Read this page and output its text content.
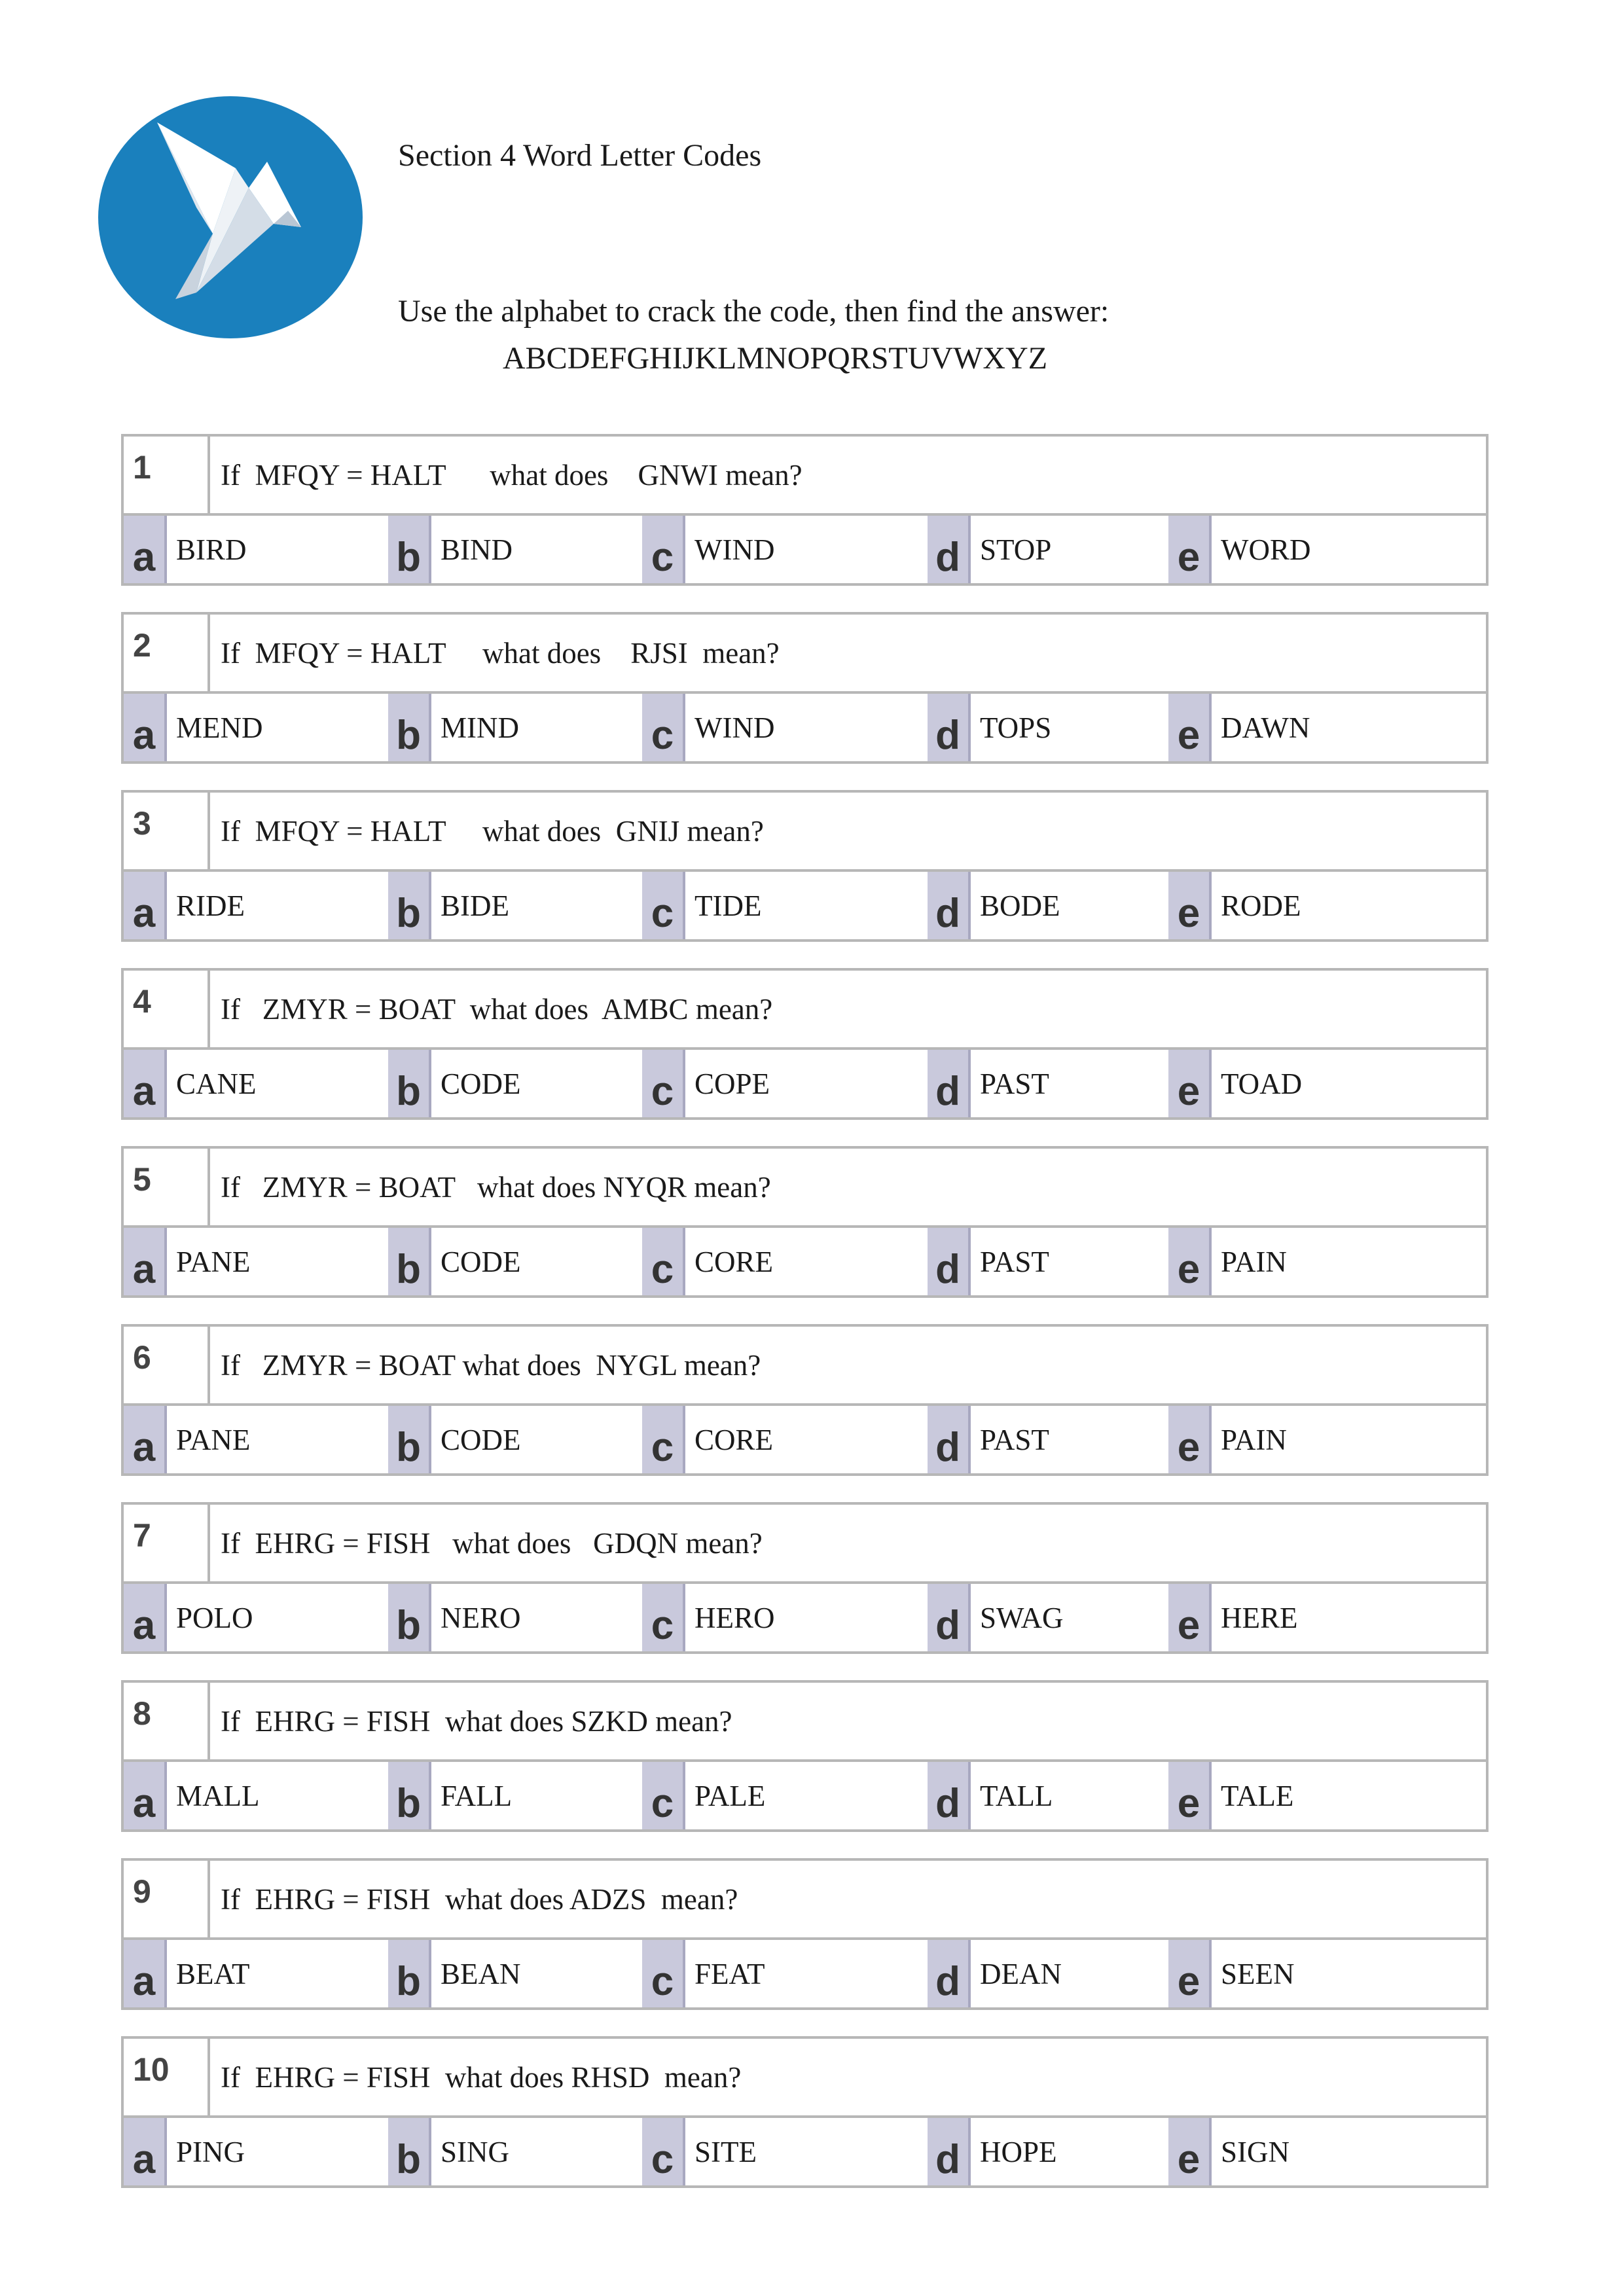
Section 4 Word Letter Codes
Use the alphabet to crack the code, then find the answer:
ABCDEFGHIJKLMNOPQRSTUVWXYZ
1	If  MFQY = HALT      what does    GNWI mean?
a BIRD	b BIND	c WIND	d STOP	e WORD
2	If  MFQY = HALT     what does    RJSI  mean?
a MEND	b MIND	c WIND	d TOPS	e DAWN
3	If  MFQY = HALT     what does  GNIJ mean?
a RIDE	b BIDE	c TIDE	d BODE	e RODE
4	If   ZMYR = BOAT  what does  AMBC mean?
a CANE	b CODE	c COPE	d PAST	e TOAD
5	If   ZMYR = BOAT   what does NYQR mean?
a PANE	b CODE	c CORE	d PAST	e PAIN
6	If   ZMYR = BOAT what does  NYGL mean?
a PANE	b CODE	c CORE	d PAST	e PAIN
7	If  EHRG = FISH   what does   GDQN mean?
a POLO	b NERO	c HERO	d SWAG	e HERE
8	If  EHRG = FISH  what does SZKD mean?
a MALL	b FALL	c PALE	d TALL	e TALE
9	If  EHRG = FISH  what does ADZS  mean?
a BEAT	b BEAN	c FEAT	d DEAN	e SEEN
10	If  EHRG = FISH  what does RHSD  mean?
a PING	b SING	c SITE	d HOPE	e SIGN
